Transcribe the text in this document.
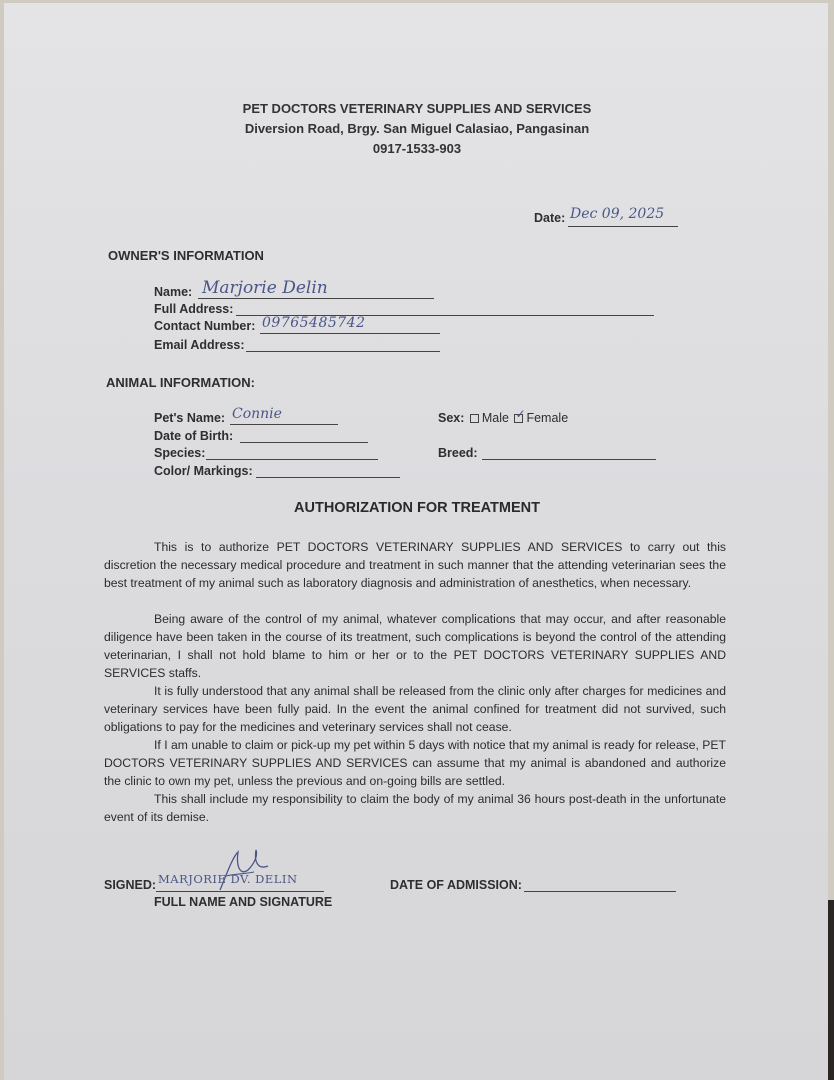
PET DOCTORS VETERINARY SUPPLIES AND SERVICES
Diversion Road, Brgy. San Miguel Calasiao, Pangasinan
0917-1533-903
Date: Dec 09, 2025
OWNER'S INFORMATION
Name: Marjorie Delin
Full Address:
Contact Number: 09765485742
Email Address:
ANIMAL INFORMATION:
Pet's Name: Connie
Date of Birth:
Species:
Color/ Markings:
Sex: Male ✓ Female
Breed:
AUTHORIZATION FOR TREATMENT
This is to authorize PET DOCTORS VETERINARY SUPPLIES AND SERVICES to carry out this discretion the necessary medical procedure and treatment in such manner that the attending veterinarian sees the best treatment of my animal such as laboratory diagnosis and administration of anesthetics, when necessary.
Being aware of the control of my animal, whatever complications that may occur, and after reasonable diligence have been taken in the course of its treatment, such complications is beyond the control of the attending veterinarian, I shall not hold blame to him or her or to the PET DOCTORS VETERINARY SUPPLIES AND SERVICES staffs.
It is fully understood that any animal shall be released from the clinic only after charges for medicines and veterinary services have been fully paid. In the event the animal confined for treatment did not survived, such obligations to pay for the medicines and veterinary services shall not cease.
If I am unable to claim or pick-up my pet within 5 days with notice that my animal is ready for release, PET DOCTORS VETERINARY SUPPLIES AND SERVICES can assume that my animal is abandoned and authorize the clinic to own my pet, unless the previous and on-going bills are settled.
This shall include my responsibility to claim the body of my animal 36 hours post-death in the unfortunate event of its demise.
SIGNED: MARJORIE DV. DELIN
FULL NAME AND SIGNATURE
DATE OF ADMISSION:
